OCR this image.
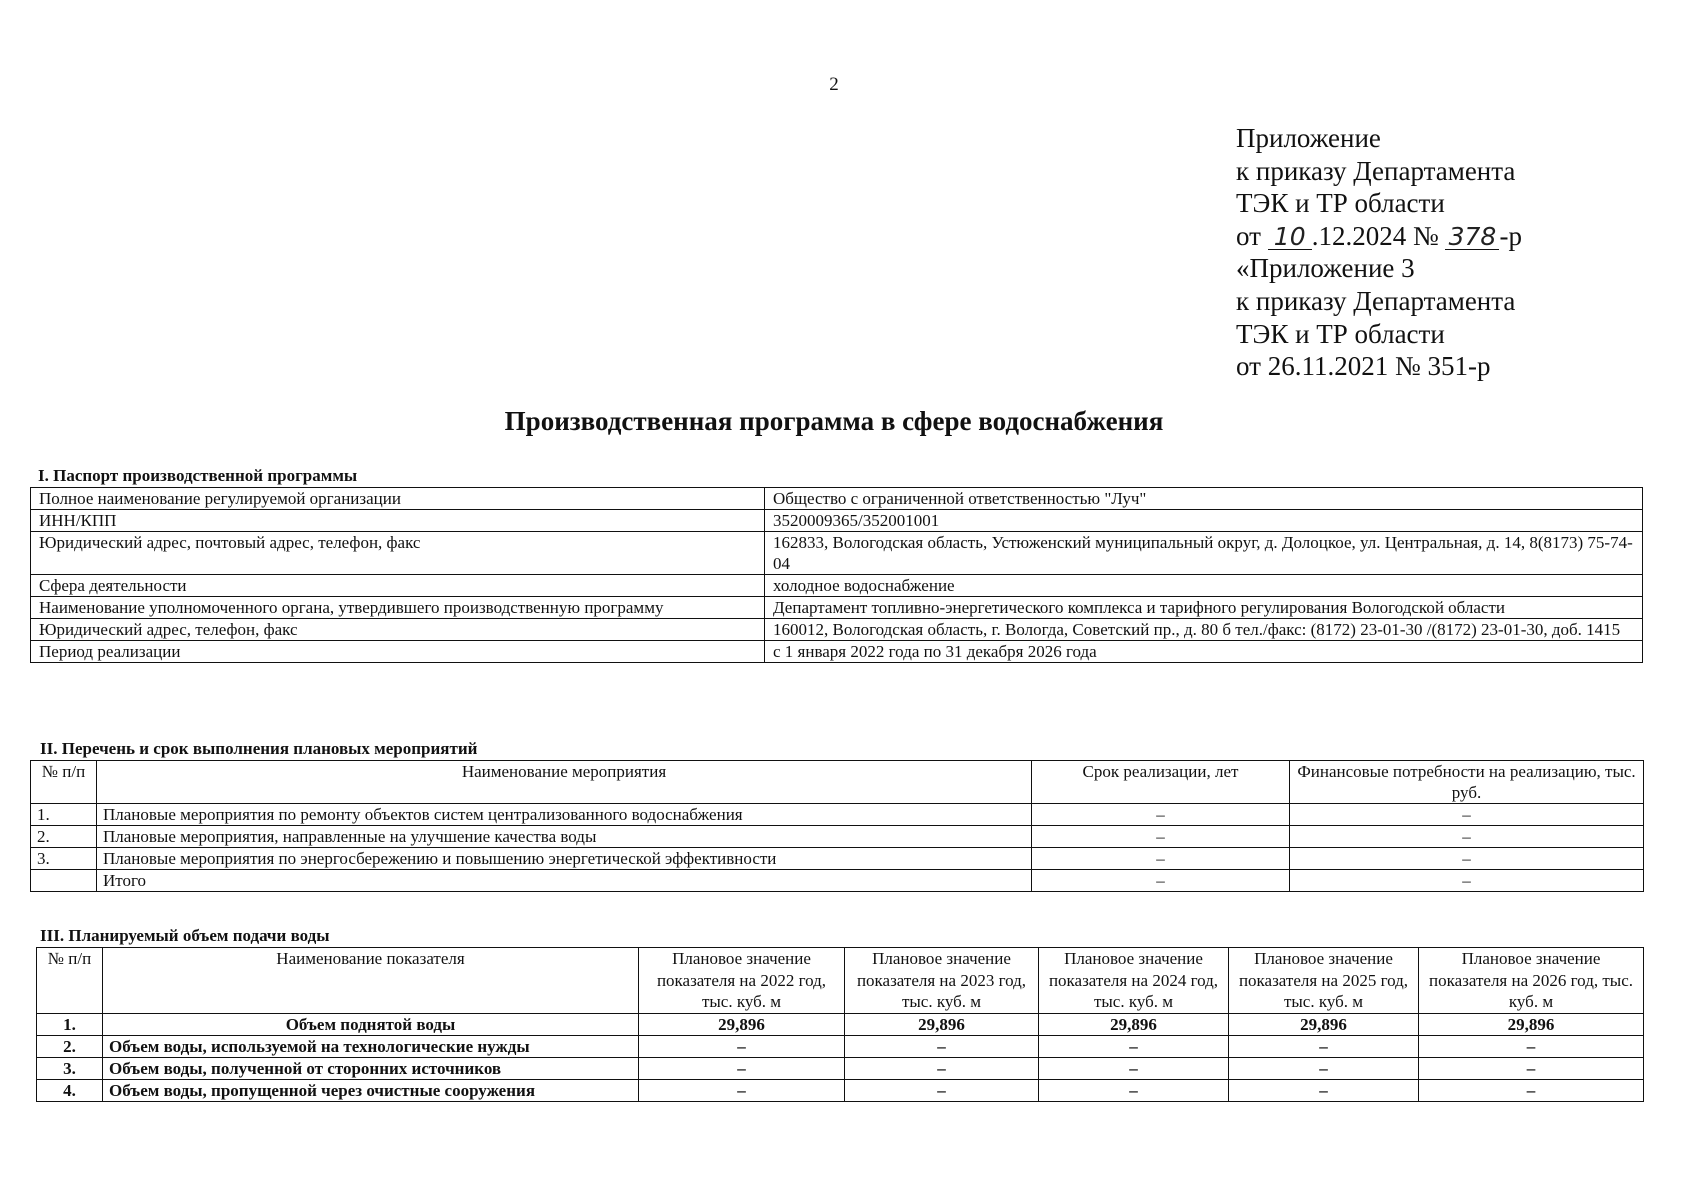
2
Приложение
к приказу Департамента
ТЭК и ТР области
от 10 .12.2024 № 378 -р
«Приложение 3
к приказу Департамента
ТЭК и ТР области
от 26.11.2021 № 351-р
Производственная программа в сфере водоснабжения
I. Паспорт производственной программы
Полное наименование регулируемой организации	Общество с ограниченной ответственностью "Луч"
ИНН/КПП	3520009365/352001001
Юридический адрес, почтовый адрес, телефон, факс	162833, Вологодская область, Устюженский муниципальный округ, д. Долоцкое, ул. Центральная, д. 14, 8(8173) 75-74-04
Сфера деятельности	холодное водоснабжение
Наименование уполномоченного органа, утвердившего производственную программу	Департамент топливно-энергетического комплекса и тарифного регулирования Вологодской области
Юридический адрес, телефон, факс	160012, Вологодская область, г. Вологда, Советский пр., д. 80 б тел./факс: (8172) 23-01-30 /(8172) 23-01-30, доб. 1415
Период реализации	с 1 января 2022 года по 31 декабря 2026 года
II. Перечень и срок выполнения плановых мероприятий
№ п/п	Наименование мероприятия	Срок реализации, лет	Финансовые потребности на реализацию, тыс. руб.
1.	Плановые мероприятия по ремонту объектов систем централизованного водоснабжения	–	–
2.	Плановые мероприятия, направленные на улучшение качества воды	–	–
3.	Плановые мероприятия по энергосбережению и повышению энергетической эффективности	–	–
	Итого	–	–
III. Планируемый объем подачи воды
№ п/п	Наименование показателя	Плановое значение показателя на 2022 год, тыс. куб. м	Плановое значение показателя на 2023 год, тыс. куб. м	Плановое значение показателя на 2024 год, тыс. куб. м	Плановое значение показателя на 2025 год, тыс. куб. м	Плановое значение показателя на 2026 год, тыс. куб. м
1.	Объем поднятой воды	29,896	29,896	29,896	29,896	29,896
2.	Объем воды, используемой на технологические нужды	–	–	–	–	–
3.	Объем воды, полученной от сторонних источников	–	–	–	–	–
4.	Объем воды, пропущенной через очистные сооружения	–	–	–	–	–
